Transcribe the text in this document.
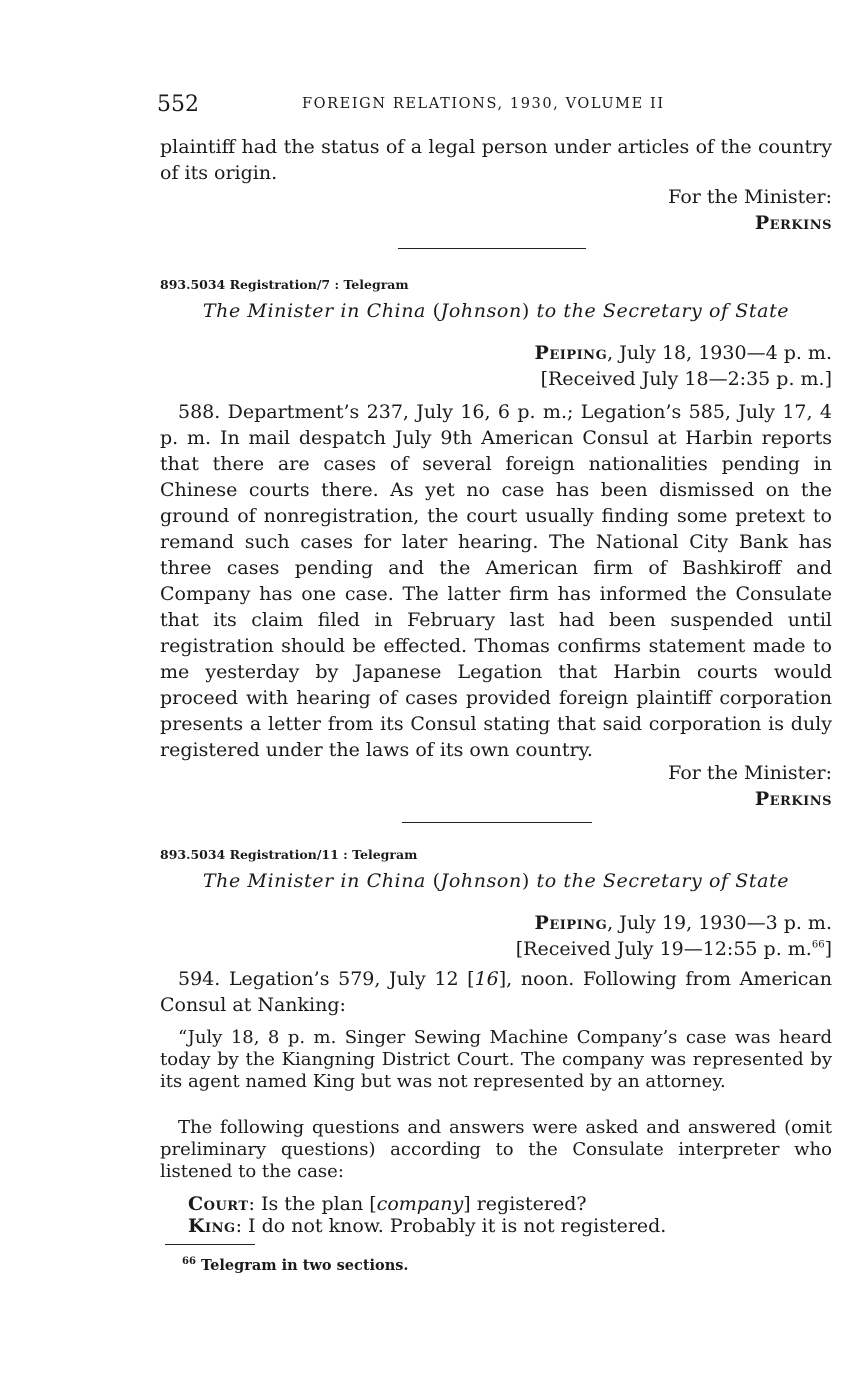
552	FOREIGN RELATIONS, 1930, VOLUME II

plaintiff had the status of a legal person under articles of the country of its origin.

For the Minister:
Perkins
893.5034 Registration/7 : Telegram
The Minister in China (Johnson) to the Secretary of State
Peiping, July 18, 1930—4 p. m.
[Received July 18—2:35 p. m.]

588. Department’s 237, July 16, 6 p. m.; Legation’s 585, July 17, 4 p. m. In mail despatch July 9th American Consul at Harbin reports that there are cases of several foreign nationalities pending in Chinese courts there. As yet no case has been dismissed on the ground of nonregistration, the court usually finding some pretext to remand such cases for later hearing. The National City Bank has three cases pending and the American firm of Bashkiroff and Company has one case. The latter firm has informed the Consulate that its claim filed in February last had been suspended until registration should be effected. Thomas confirms statement made to me yesterday by Japanese Legation that Harbin courts would proceed with hearing of cases provided foreign plaintiff corporation presents a letter from its Consul stating that said corporation is duly registered under the laws of its own country.

For the Minister:
Perkins
893.5034 Registration/11 : Telegram
The Minister in China (Johnson) to the Secretary of State
Peiping, July 19, 1930—3 p. m.
[Received July 19—12:55 p. m.$^{66}$]

594. Legation’s 579, July 12 [16], noon. Following from American Consul at Nanking:

“July 18, 8 p. m. Singer Sewing Machine Company’s case was heard today by the Kiangning District Court. The company was represented by its agent named King but was not represented by an attorney.

The following questions and answers were asked and answered (omit preliminary questions) according to the Consulate interpreter who listened to the case:

Court: Is the plan [company] registered?
King: I do not know. Probably it is not registered.
$^{66}$ Telegram in two sections.
